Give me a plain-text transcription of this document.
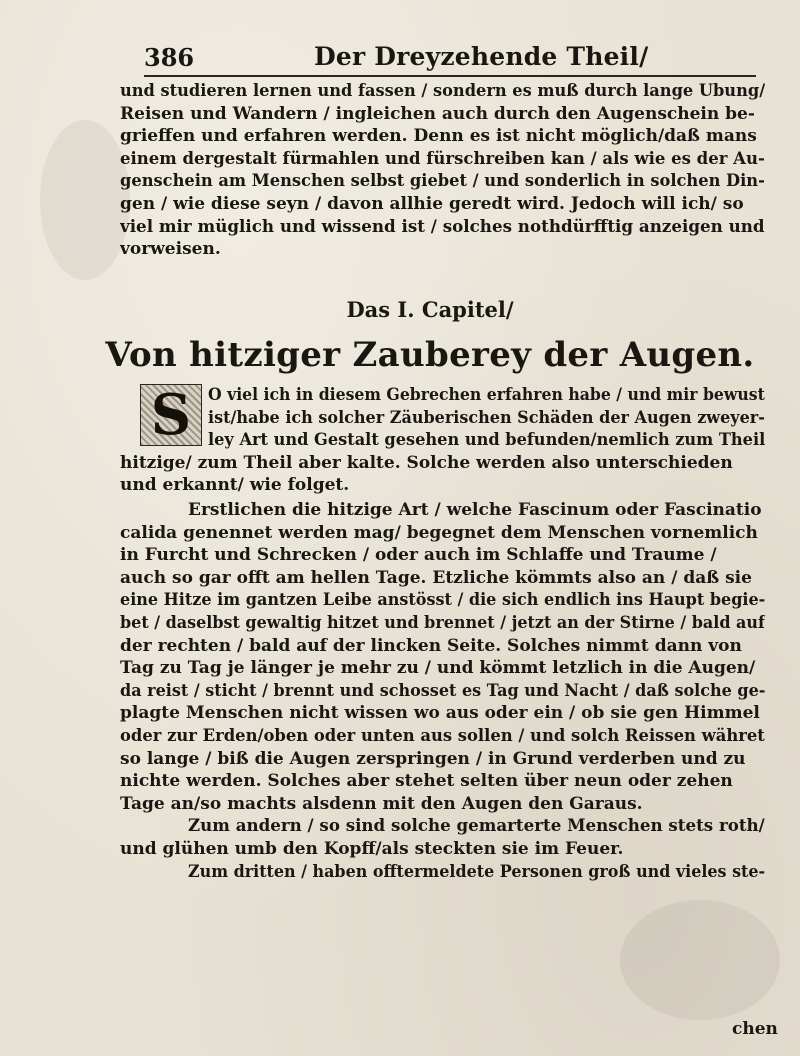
386	Der Dreyzehende Theil/
und studieren lernen und fassen / sondern es muß durch lange Ubung/
Reisen und Wandern / ingleichen auch durch den Augenschein be-
grieffen und erfahren werden. Denn es ist nicht möglich/daß mans
einem dergestalt fürmahlen und fürschreiben kan / als wie es der Au-
genschein am Menschen selbst giebet / und sonderlich in solchen Din-
gen / wie diese seyn / davon allhie geredt wird. Jedoch will ich/ so
viel mir müglich und wissend ist / solches nothdürfftig anzeigen und
vorweisen.
Das I. Capitel/
Von hitziger Zauberey der Augen.
S O viel ich in diesem Gebrechen erfahren habe / und mir bewust
ist/habe ich solcher Zäuberischen Schäden der Augen zweyer-
ley Art und Gestalt gesehen und befunden/nemlich zum Theil
hitzige/ zum Theil aber kalte. Solche werden also unterschieden
und erkannt/ wie folget.
Erstlichen die hitzige Art / welche Fascinum oder Fascinatio
calida genennet werden mag/ begegnet dem Menschen vornemlich
in Furcht und Schrecken / oder auch im Schlaffe und Traume /
auch so gar offt am hellen Tage. Etzliche kömmts also an / daß sie
eine Hitze im gantzen Leibe anstösst / die sich endlich ins Haupt begie-
bet / daselbst gewaltig hitzet und brennet / jetzt an der Stirne / bald auf
der rechten / bald auf der lincken Seite. Solches nimmt dann von
Tag zu Tag je länger je mehr zu / und kömmt letzlich in die Augen/
da reist / sticht / brennt und schosset es Tag und Nacht / daß solche ge-
plagte Menschen nicht wissen wo aus oder ein / ob sie gen Himmel
oder zur Erden/oben oder unten aus sollen / und solch Reissen währet
so lange / biß die Augen zerspringen / in Grund verderben und zu
nichte werden. Solches aber stehet selten über neun oder zehen
Tage an/so machts alsdenn mit den Augen den Garaus.
Zum andern / so sind solche gemarterte Menschen stets roth/
und glühen umb den Kopff/als steckten sie im Feuer.
Zum dritten / haben offtermeldete Personen groß und vieles ste-
chen
